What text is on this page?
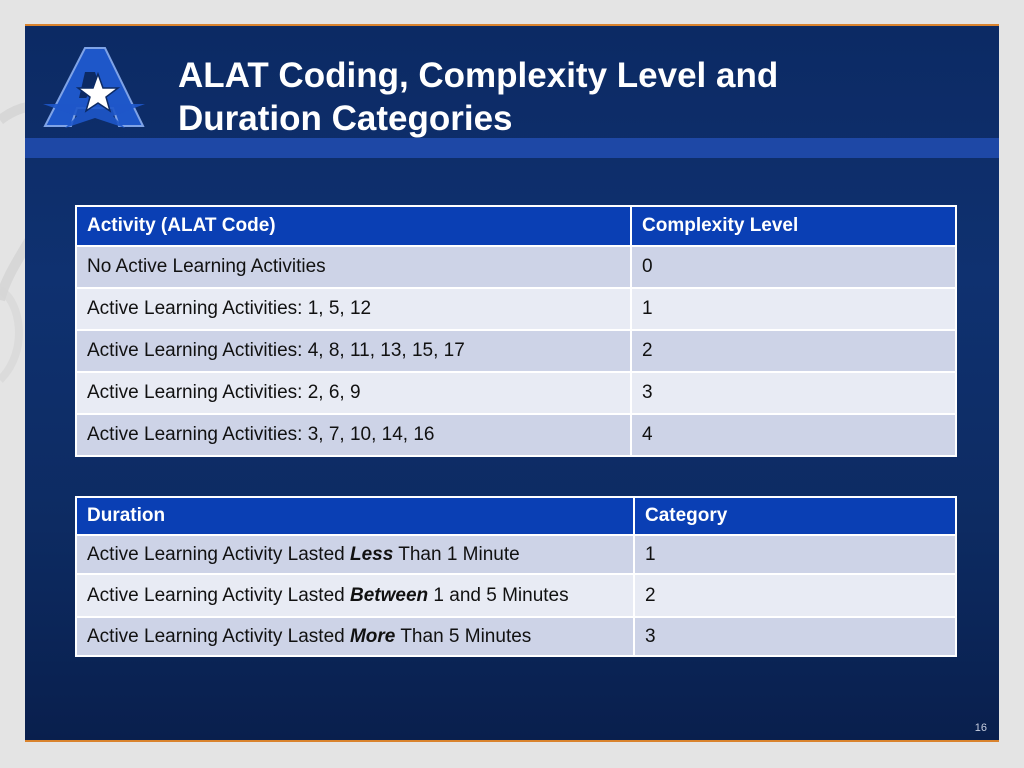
ALAT Coding, Complexity Level and
Duration Categories
Activity (ALAT Code)	Complexity Level
No Active Learning Activities	0
Active Learning Activities: 1, 5, 12	1
Active Learning Activities: 4, 8, 11, 13, 15, 17	2
Active Learning Activities: 2, 6, 9	3
Active Learning Activities: 3, 7, 10, 14, 16	4
Duration	Category
Active Learning Activity Lasted Less Than 1 Minute	1
Active Learning Activity Lasted Between 1 and 5 Minutes	2
Active Learning Activity Lasted More Than 5 Minutes	3
16
